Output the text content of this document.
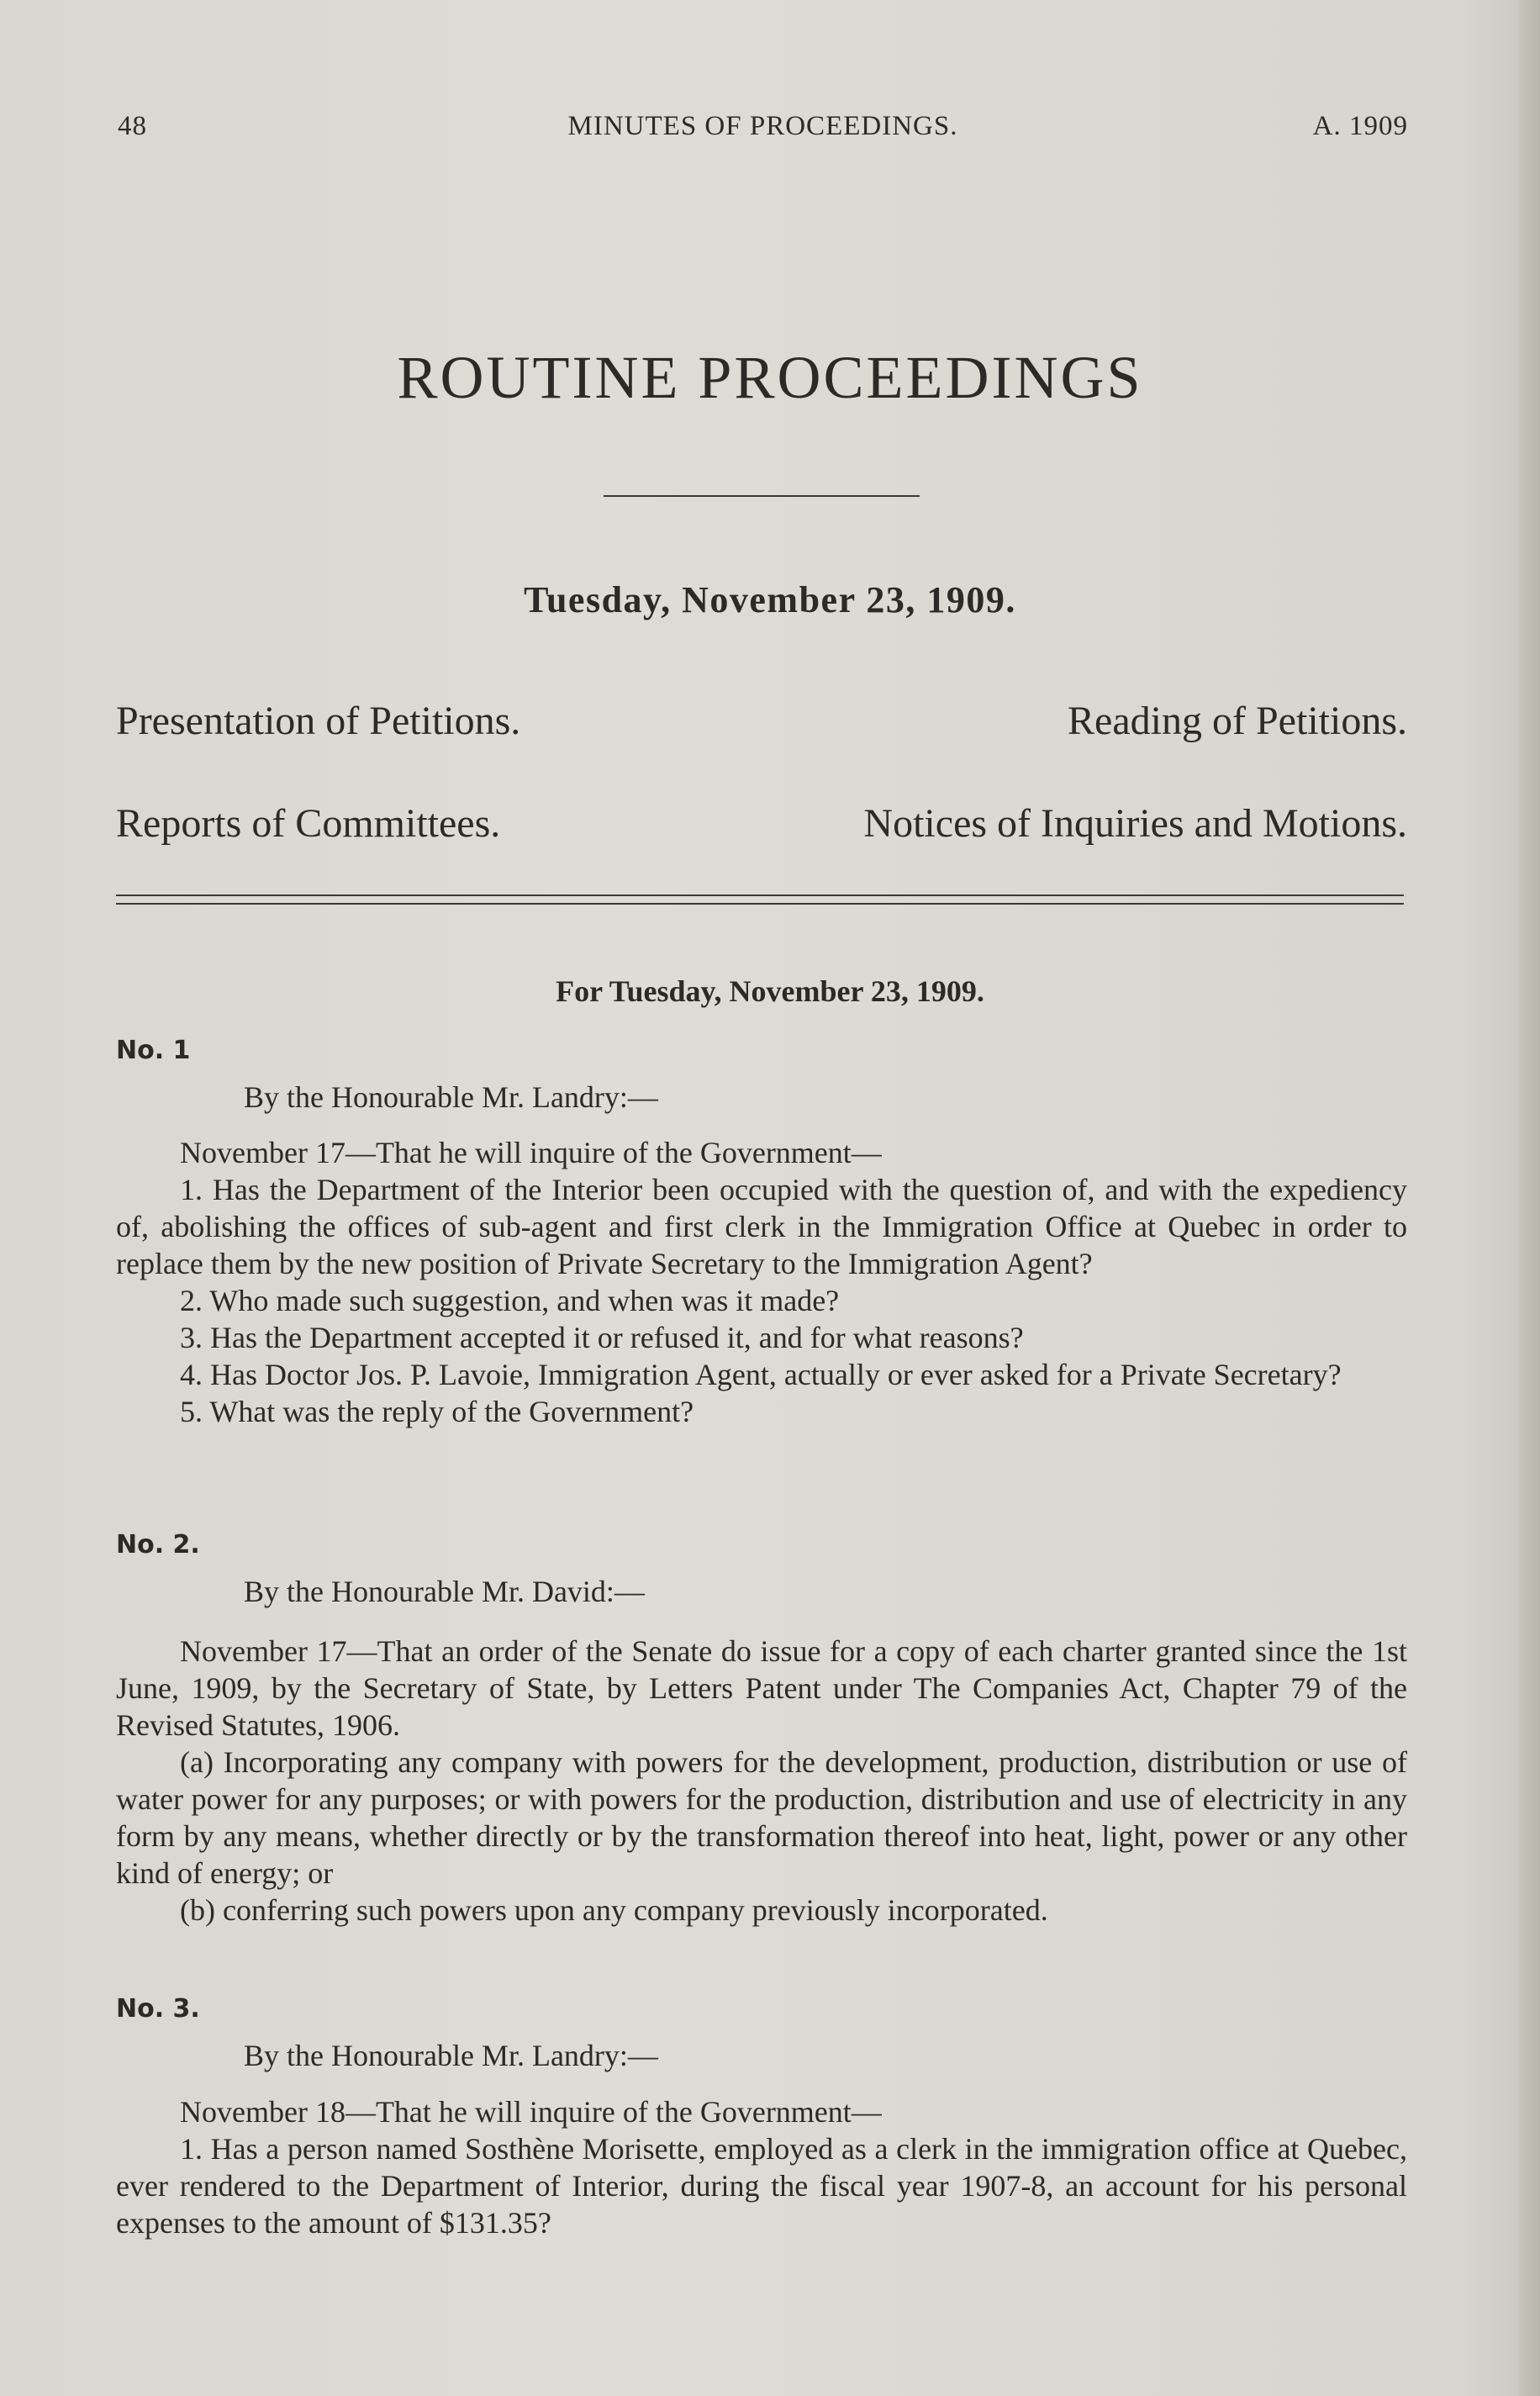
48	MINUTES OF PROCEEDINGS.	A. 1909
ROUTINE PROCEEDINGS
Tuesday, November 23, 1909.
Presentation of Petitions.	Reading of Petitions.
Reports of Committees.	Notices of Inquiries and Motions.
For Tuesday, November 23, 1909.
No. 1
By the Honourable Mr. Landry:—

November 17—That he will inquire of the Government—

1. Has the Department of the Interior been occupied with the question of, and with the expediency of, abolishing the offices of sub-agent and first clerk in the Immigration Office at Quebec in order to replace them by the new position of Private Secretary to the Immigration Agent?

2. Who made such suggestion, and when was it made?

3. Has the Department accepted it or refused it, and for what reasons?

4. Has Doctor Jos. P. Lavoie, Immigration Agent, actually or ever asked for a Private Secretary?

5. What was the reply of the Government?

No. 2.
By the Honourable Mr. David:—

November 17—That an order of the Senate do issue for a copy of each charter granted since the 1st June, 1909, by the Secretary of State, by Letters Patent under The Companies Act, Chapter 79 of the Revised Statutes, 1906.

(a) Incorporating any company with powers for the development, production, distribution or use of water power for any purposes; or with powers for the production, distribution and use of electricity in any form by any means, whether directly or by the transformation thereof into heat, light, power or any other kind of energy; or

(b) conferring such powers upon any company previously incorporated.

No. 3.
By the Honourable Mr. Landry:—

November 18—That he will inquire of the Government—

1. Has a person named Sosthène Morisette, employed as a clerk in the immigration office at Quebec, ever rendered to the Department of Interior, during the fiscal year 1907-8, an account for his personal expenses to the amount of $131.35?
